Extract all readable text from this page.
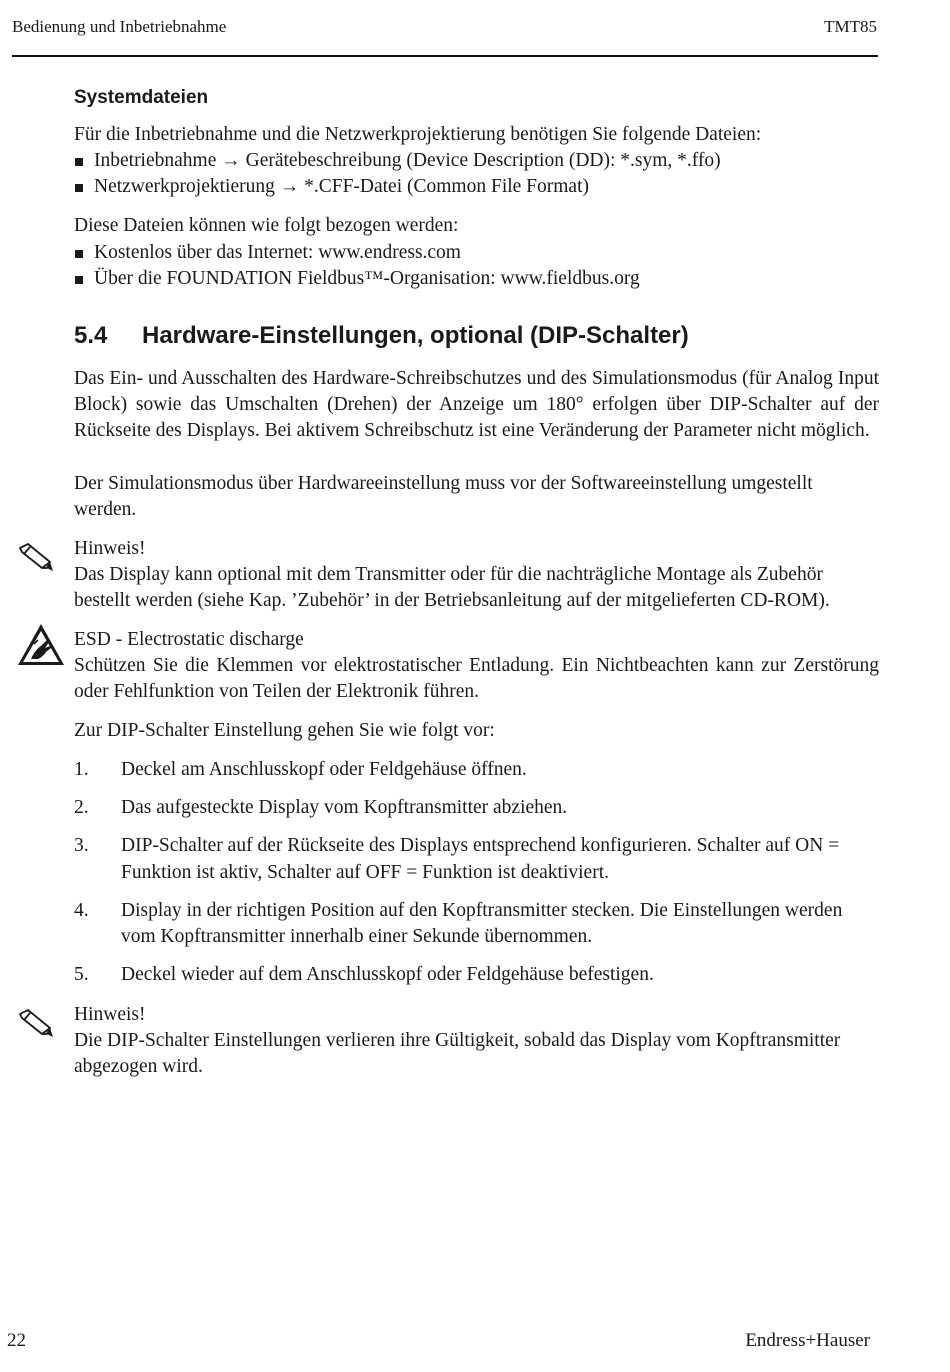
Bedienung und Inbetriebnahme	TMT85
Systemdateien

Für die Inbetriebnahme und die Netzwerkprojektierung benötigen Sie folgende Dateien:

Inbetriebnahme → Gerätebeschreibung (Device Description (DD): *.sym, *.ffo)
Netzwerkprojektierung → *.CFF-Datei (Common File Format)

Diese Dateien können wie folgt bezogen werden:

Kostenlos über das Internet: www.endress.com
Über die FOUNDATION Fieldbus™-Organisation: www.fieldbus.org
5.4 Hardware-Einstellungen, optional (DIP-Schalter)

Das Ein- und Ausschalten des Hardware-Schreibschutzes und des Simulationsmodus (für Analog Input Block) sowie das Umschalten (Drehen) der Anzeige um 180° erfolgen über DIP-Schalter auf der Rückseite des Displays. Bei aktivem Schreibschutz ist eine Veränderung der Parameter nicht möglich.

Der Simulationsmodus über Hardwareeinstellung muss vor der Softwareeinstellung umgestellt werden.

Hinweis!
Das Display kann optional mit dem Transmitter oder für die nachträgliche Montage als Zubehör bestellt werden (siehe Kap. ’Zubehör’ in der Betriebsanleitung auf der mitgelieferten CD-ROM).
ESD - Electrostatic discharge
Schützen Sie die Klemmen vor elektrostatischer Entladung. Ein Nichtbeachten kann zur Zerstörung oder Fehlfunktion von Teilen der Elektronik führen.

Zur DIP-Schalter Einstellung gehen Sie wie folgt vor:

1. Deckel am Anschlusskopf oder Feldgehäuse öffnen.
2. Das aufgesteckte Display vom Kopftransmitter abziehen.
3. DIP-Schalter auf der Rückseite des Displays entsprechend konfigurieren. Schalter auf ON = Funktion ist aktiv, Schalter auf OFF = Funktion ist deaktiviert.
4. Display in der richtigen Position auf den Kopftransmitter stecken. Die Einstellungen werden vom Kopftransmitter innerhalb einer Sekunde übernommen.
5. Deckel wieder auf dem Anschlusskopf oder Feldgehäuse befestigen.
Hinweis!
Die DIP-Schalter Einstellungen verlieren ihre Gültigkeit, sobald das Display vom Kopftransmitter abgezogen wird.
22	Endress+Hauser
